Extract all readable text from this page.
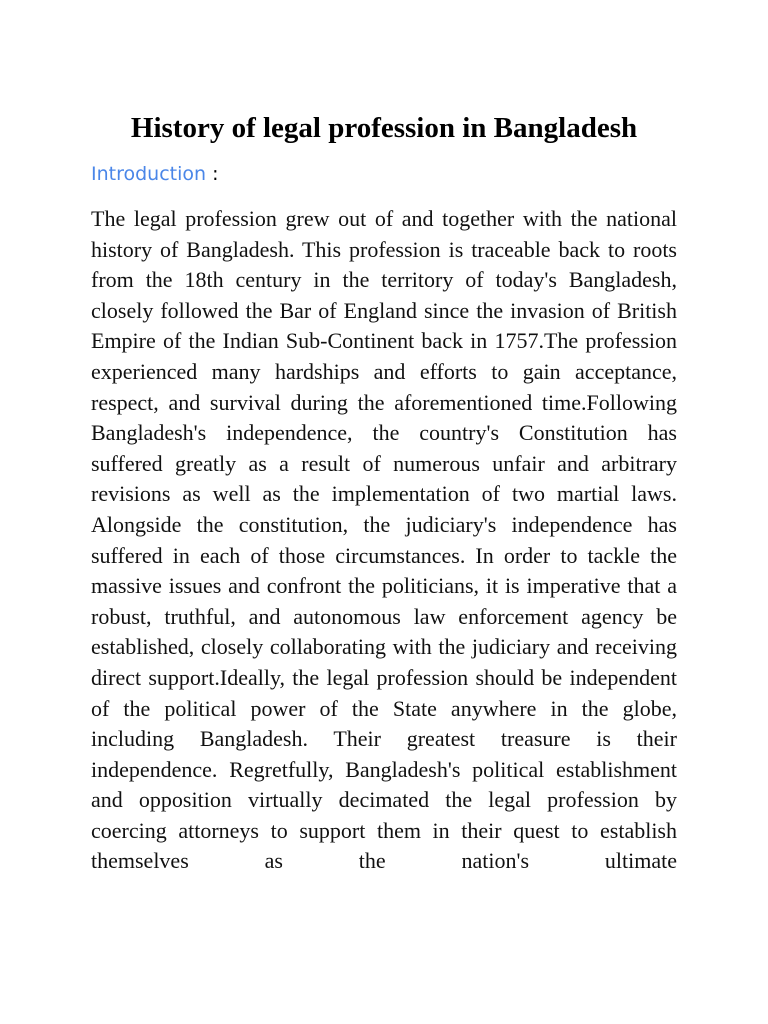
History of legal profession in Bangladesh

Introduction :

The legal profession grew out of and together with the national history of Bangladesh. This profession is traceable back to roots from the 18th century in the territory of today's Bangladesh, closely followed the Bar of England since the invasion of British Empire of the Indian Sub-Continent back in 1757.The profession experienced many hardships and efforts to gain acceptance, respect, and survival during the aforementioned time.Following Bangladesh's independence, the country's Constitution has suffered greatly as a result of numerous unfair and arbitrary revisions as well as the implementation of two martial laws. Alongside the constitution, the judiciary's independence has suffered in each of those circumstances. In order to tackle the massive issues and confront the politicians, it is imperative that a robust, truthful, and autonomous law enforcement agency be established, closely collaborating with the judiciary and receiving direct support.Ideally, the legal profession should be independent of the political power of the State anywhere in the globe, including Bangladesh. Their greatest treasure is their independence. Regretfully, Bangladesh's political establishment and opposition virtually decimated the legal profession by coercing attorneys to support them in their quest to establish themselves as the nation's ultimate
